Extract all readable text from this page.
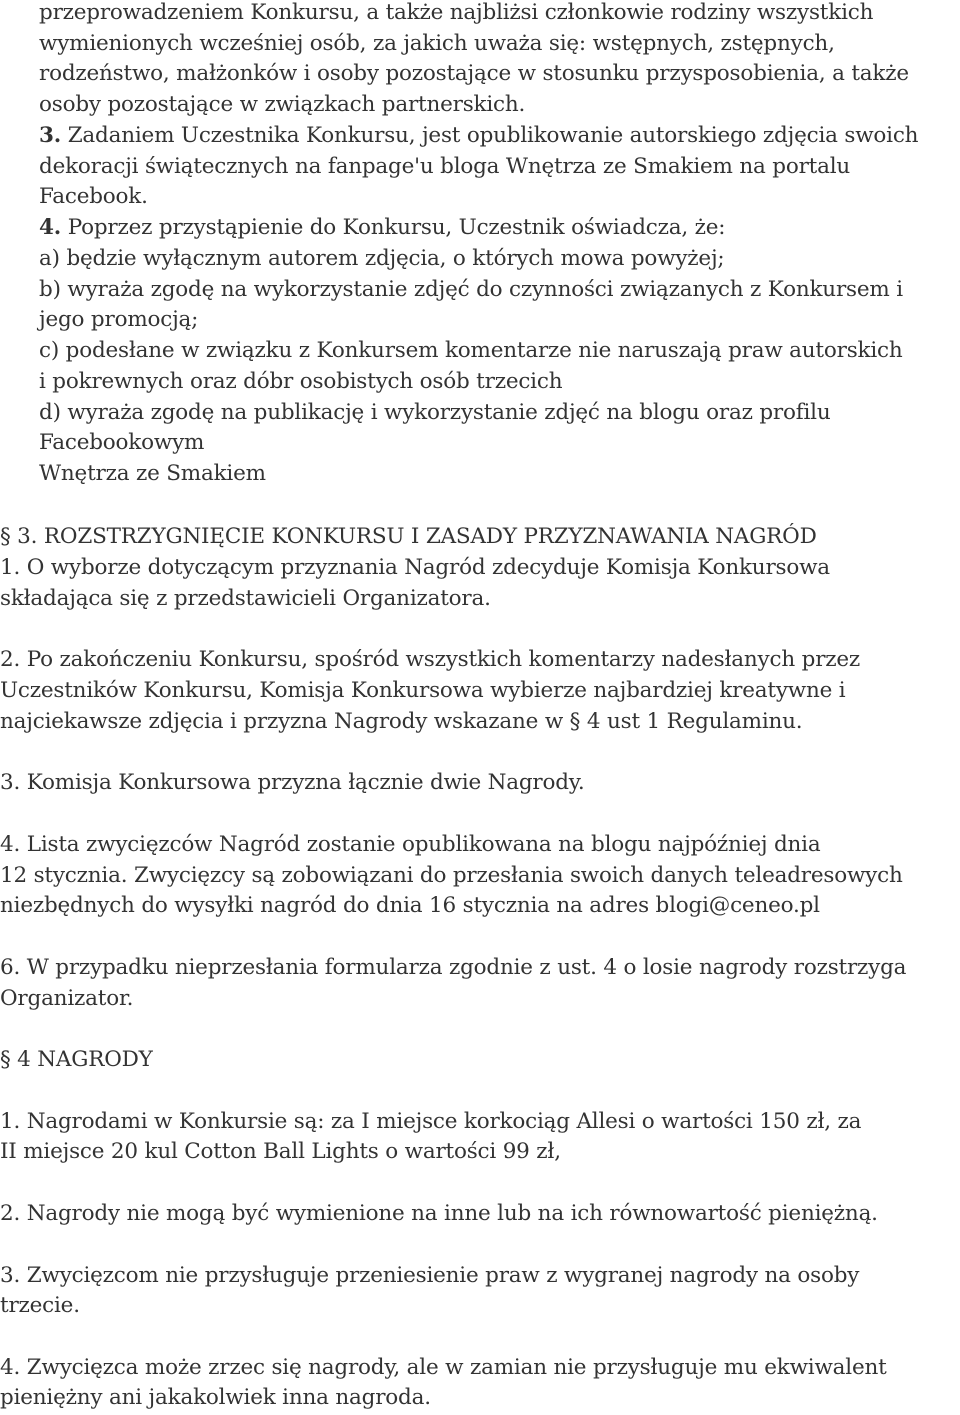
przeprowadzeniem Konkursu, a także najbliżsi członkowie rodziny wszystkich
wymienionych wcześniej osób, za jakich uważa się: wstępnych, zstępnych,
rodzeństwo, małżonków i osoby pozostające w stosunku przysposobienia, a także
osoby pozostające w związkach partnerskich.
3. Zadaniem Uczestnika Konkursu, jest opublikowanie autorskiego zdjęcia swoich
dekoracji świątecznych na fanpage'u bloga Wnętrza ze Smakiem na portalu
Facebook.
4. Poprzez przystąpienie do Konkursu, Uczestnik oświadcza, że:
a) będzie wyłącznym autorem zdjęcia, o których mowa powyżej;
b) wyraża zgodę na wykorzystanie zdjęć do czynności związanych z Konkursem i
jego promocją;
c) podesłane w związku z Konkursem komentarze nie naruszają praw autorskich
i pokrewnych oraz dóbr osobistych osób trzecich
d) wyraża zgodę na publikację i wykorzystanie zdjęć na blogu oraz profilu
Facebookowym
Wnętrza ze Smakiem
§ 3. ROZSTRZYGNIĘCIE KONKURSU I ZASADY PRZYZNAWANIA NAGRÓD
1. O wyborze dotyczącym przyznania Nagród zdecyduje Komisja Konkursowa
składająca się z przedstawicieli Organizatora.
2. Po zakończeniu Konkursu, spośród wszystkich komentarzy nadesłanych przez
Uczestników Konkursu, Komisja Konkursowa wybierze najbardziej kreatywne i
najciekawsze zdjęcia i przyzna Nagrody wskazane w § 4 ust 1 Regulaminu.
3. Komisja Konkursowa przyzna łącznie dwie Nagrody.
4. Lista zwycięzców Nagród zostanie opublikowana na blogu najpóźniej dnia
12 stycznia. Zwycięzcy są zobowiązani do przesłania swoich danych teleadresowych
niezbędnych do wysyłki nagród do dnia 16 stycznia na adres blogi@ceneo.pl
6. W przypadku nieprzesłania formularza zgodnie z ust. 4 o losie nagrody rozstrzyga
Organizator.
§ 4 NAGRODY
1. Nagrodami w Konkursie są: za I miejsce korkociąg Allesi o wartości 150 zł, za
II miejsce 20 kul Cotton Ball Lights o wartości 99 zł,
2. Nagrody nie mogą być wymienione na inne lub na ich równowartość pieniężną.
3. Zwycięzcom nie przysługuje przeniesienie praw z wygranej nagrody na osoby
trzecie.
4. Zwycięzca może zrzec się nagrody, ale w zamian nie przysługuje mu ekwiwalent
pieniężny ani jakakolwiek inna nagroda.
